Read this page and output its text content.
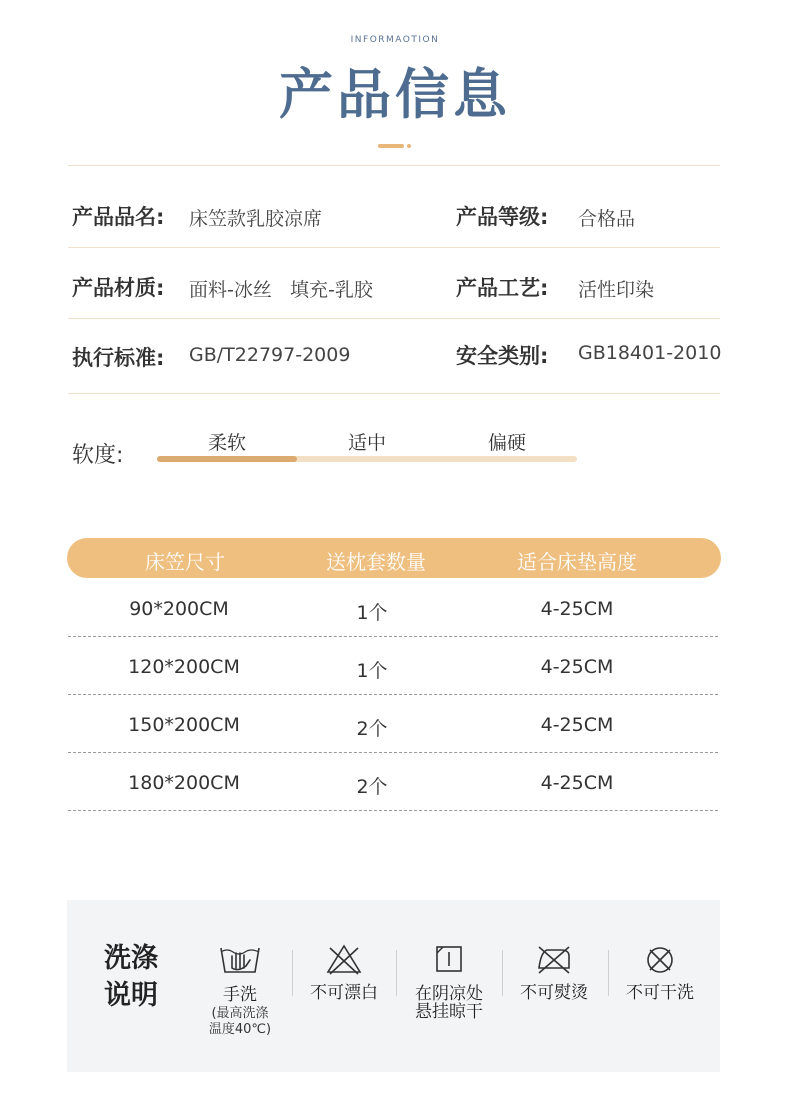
INFORMAOTION
产品信息
产品品名: 床笠款乳胶凉席	产品等级: 合格品
产品材质: 面料-冰丝   填充-乳胶	产品工艺: 活性印染
执行标准: GB/T22797-2009	安全类别: GB18401-2010
软度:	柔软	适中	偏硬
床笠尺寸	送枕套数量	适合床垫高度
90*200CM	1个	4-25CM
120*200CM	1个	4-25CM
150*200CM	2个	4-25CM
180*200CM	2个	4-25CM
洗涤
说明	手洗
(最高洗涤
温度40℃)
不可漂白	在阴凉处
悬挂晾干
不可熨烫	不可干洗
